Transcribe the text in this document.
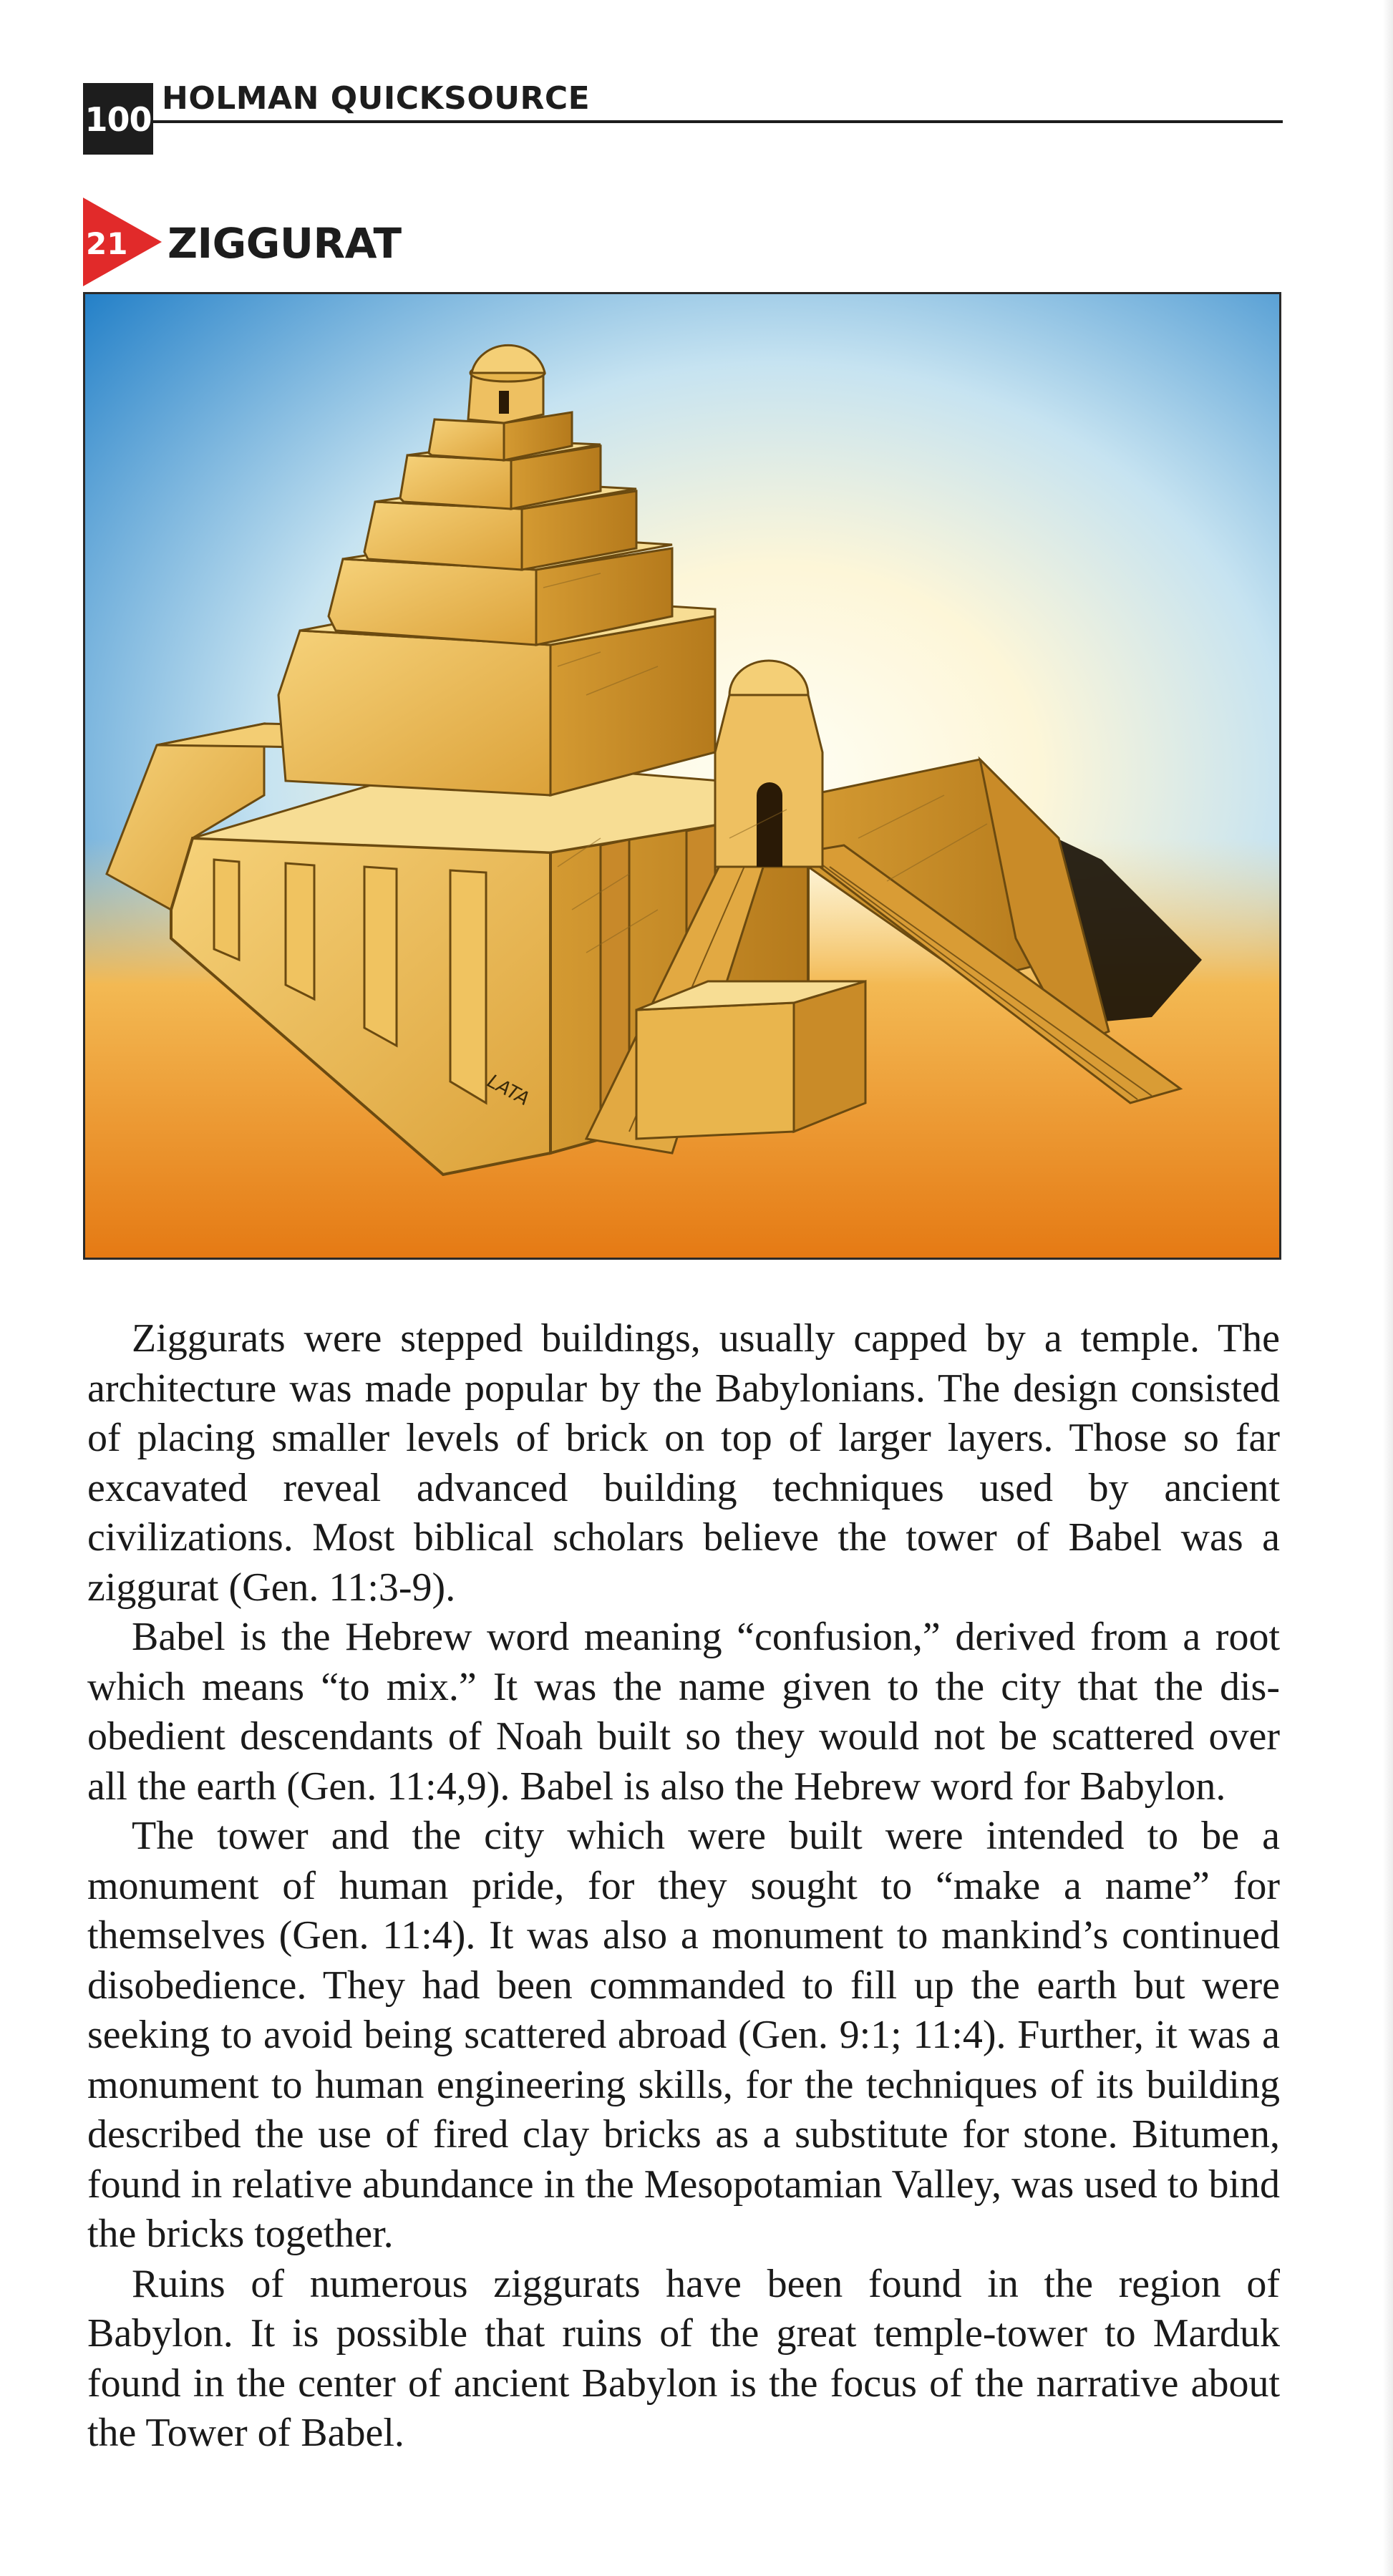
100
HOLMAN QUICKSOURCE
21 ZIGGURAT
LATA

Ziggurats were stepped buildings, usually capped by a temple. The architecture was made popular by the Babylonians. The design consisted of placing smaller levels of brick on top of larger layers. Those so far excavated reveal advanced building techniques used by ancient civilizations. Most biblical scholars believe the tower of Babel was a ziggurat (Gen. 11:3-9).

Babel is the Hebrew word meaning “confusion,” derived from a root which means “to mix.” It was the name given to the city that the disobedient descendants of Noah built so they would not be scattered over all the earth (Gen. 11:4,9). Babel is also the Hebrew word for Babylon.

The tower and the city which were built were intended to be a monument of human pride, for they sought to “make a name” for themselves (Gen. 11:4). It was also a monument to mankind’s continued disobedience. They had been commanded to fill up the earth but were seeking to avoid being scattered abroad (Gen. 9:1; 11:4). Further, it was a monument to human engineering skills, for the techniques of its building described the use of fired clay bricks as a substitute for stone. Bitumen, found in relative abundance in the Mesopotamian Valley, was used to bind the bricks together.

Ruins of numerous ziggurats have been found in the region of Babylon. It is possible that ruins of the great temple-tower to Marduk found in the center of ancient Babylon is the focus of the narrative about the Tower of Babel.
